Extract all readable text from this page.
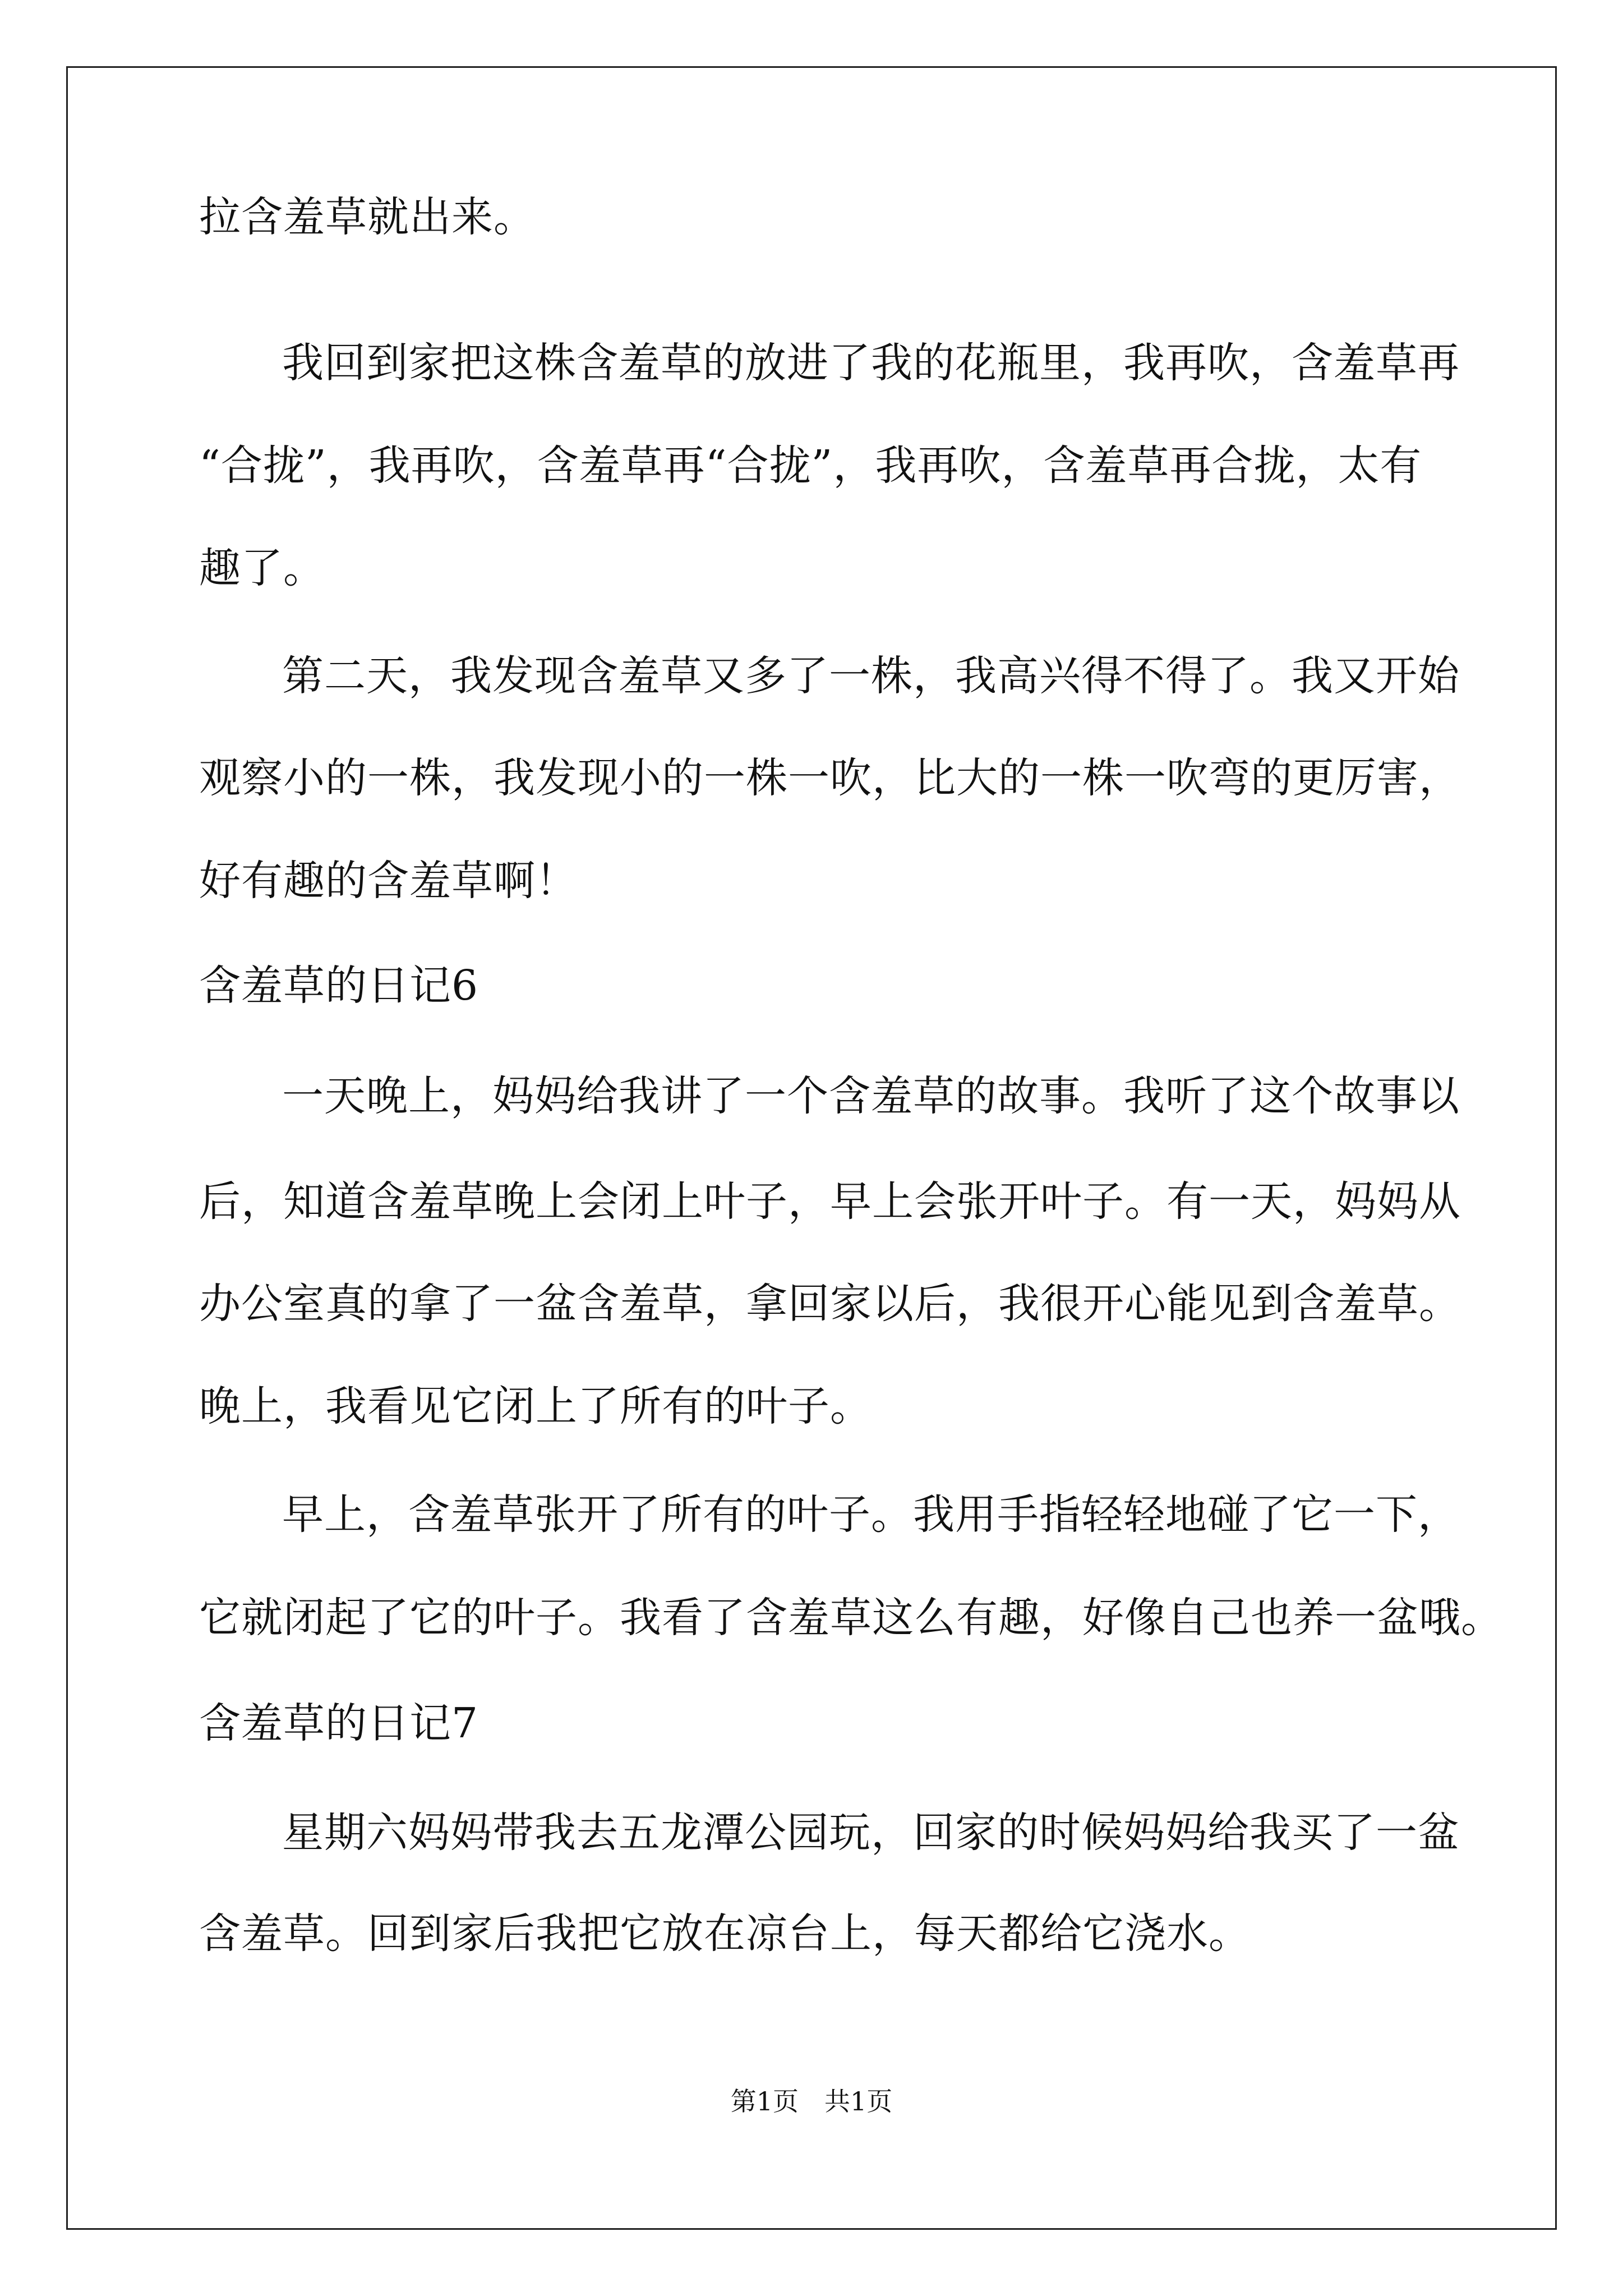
拉含羞草就出来。
我回到家把这株含羞草的放进了我的花瓶里，我再吹，含羞草再
“合拢”，我再吹，含羞草再“合拢”，我再吹，含羞草再合拢，太有
趣了。
第二天，我发现含羞草又多了一株，我高兴得不得了。我又开始
观察小的一株，我发现小的一株一吹，比大的一株一吹弯的更厉害，
好有趣的含羞草啊！
含羞草的日记6
一天晚上，妈妈给我讲了一个含羞草的故事。我听了这个故事以
后，知道含羞草晚上会闭上叶子，早上会张开叶子。有一天，妈妈从
办公室真的拿了一盆含羞草，拿回家以后，我很开心能见到含羞草。
晚上，我看见它闭上了所有的叶子。
早上，含羞草张开了所有的叶子。我用手指轻轻地碰了它一下，
它就闭起了它的叶子。我看了含羞草这么有趣，好像自己也养一盆哦。
含羞草的日记7
星期六妈妈带我去五龙潭公园玩，回家的时候妈妈给我买了一盆
含羞草。回到家后我把它放在凉台上，每天都给它浇水。
第1页　共1页
